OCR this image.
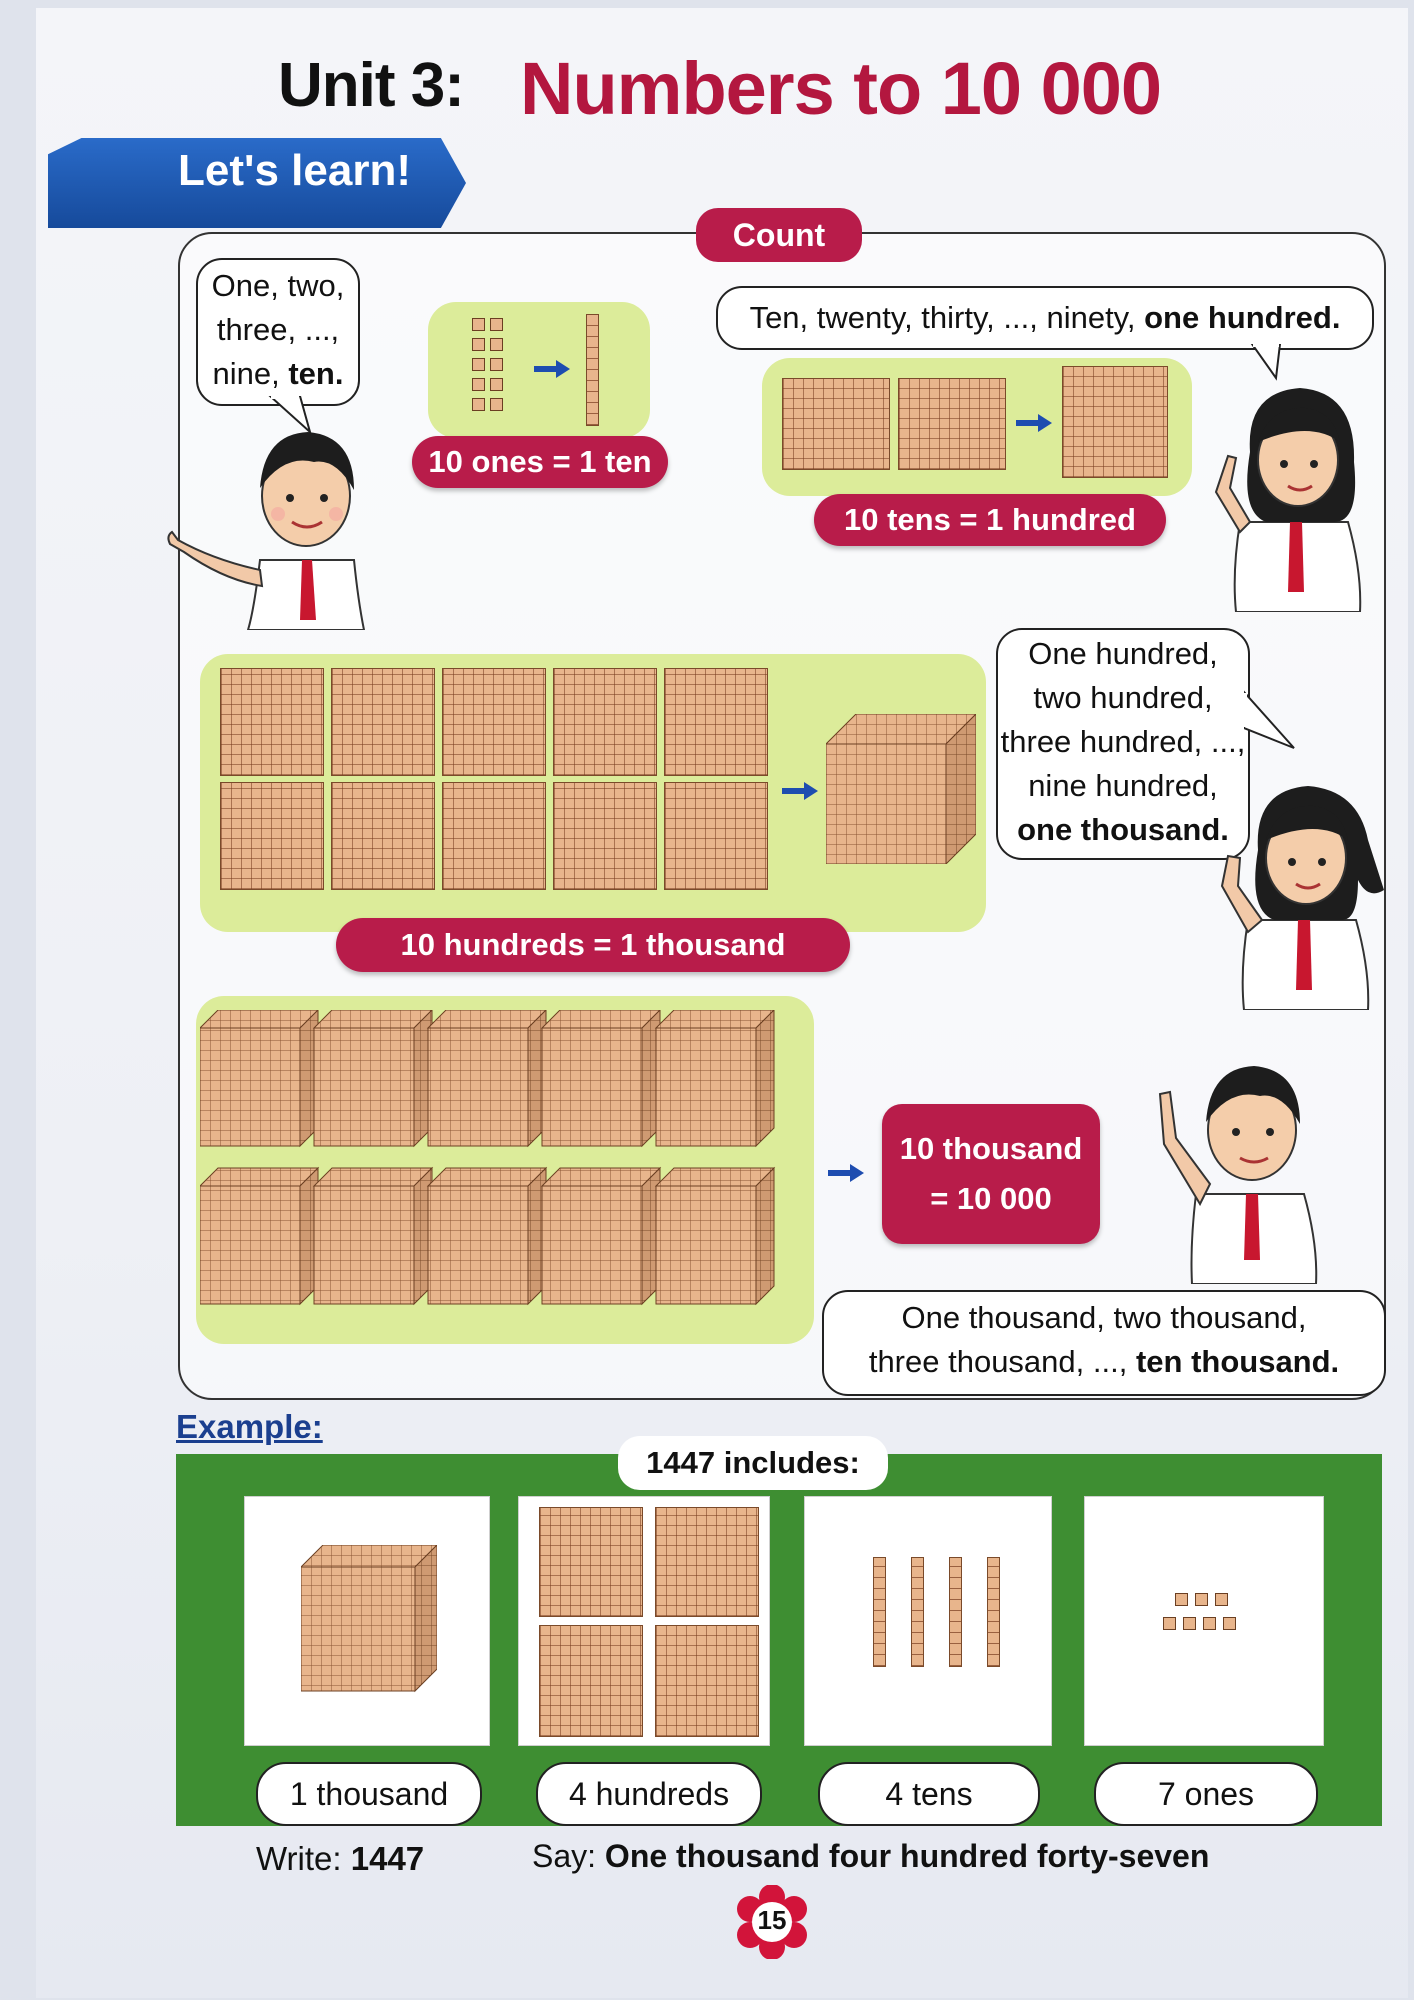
Unit 3: Numbers to 10 000
Let's learn!
Count
One, two,
three, ...,
nine, ten.
10 ones = 1 ten
Ten, twenty, thirty, ..., ninety, one hundred.
10 tens = 1 hundred
10 hundreds = 1 thousand
One hundred,
two hundred,
three hundred, ...,
nine hundred,
one thousand.
10 thousand
= 10 000
One thousand, two thousand,
three thousand, ..., ten thousand.
Example:
1447 includes:
1 thousand	4 hundreds	4 tens	7 ones
Write: 1447	Say: One thousand four hundred forty-seven
15
